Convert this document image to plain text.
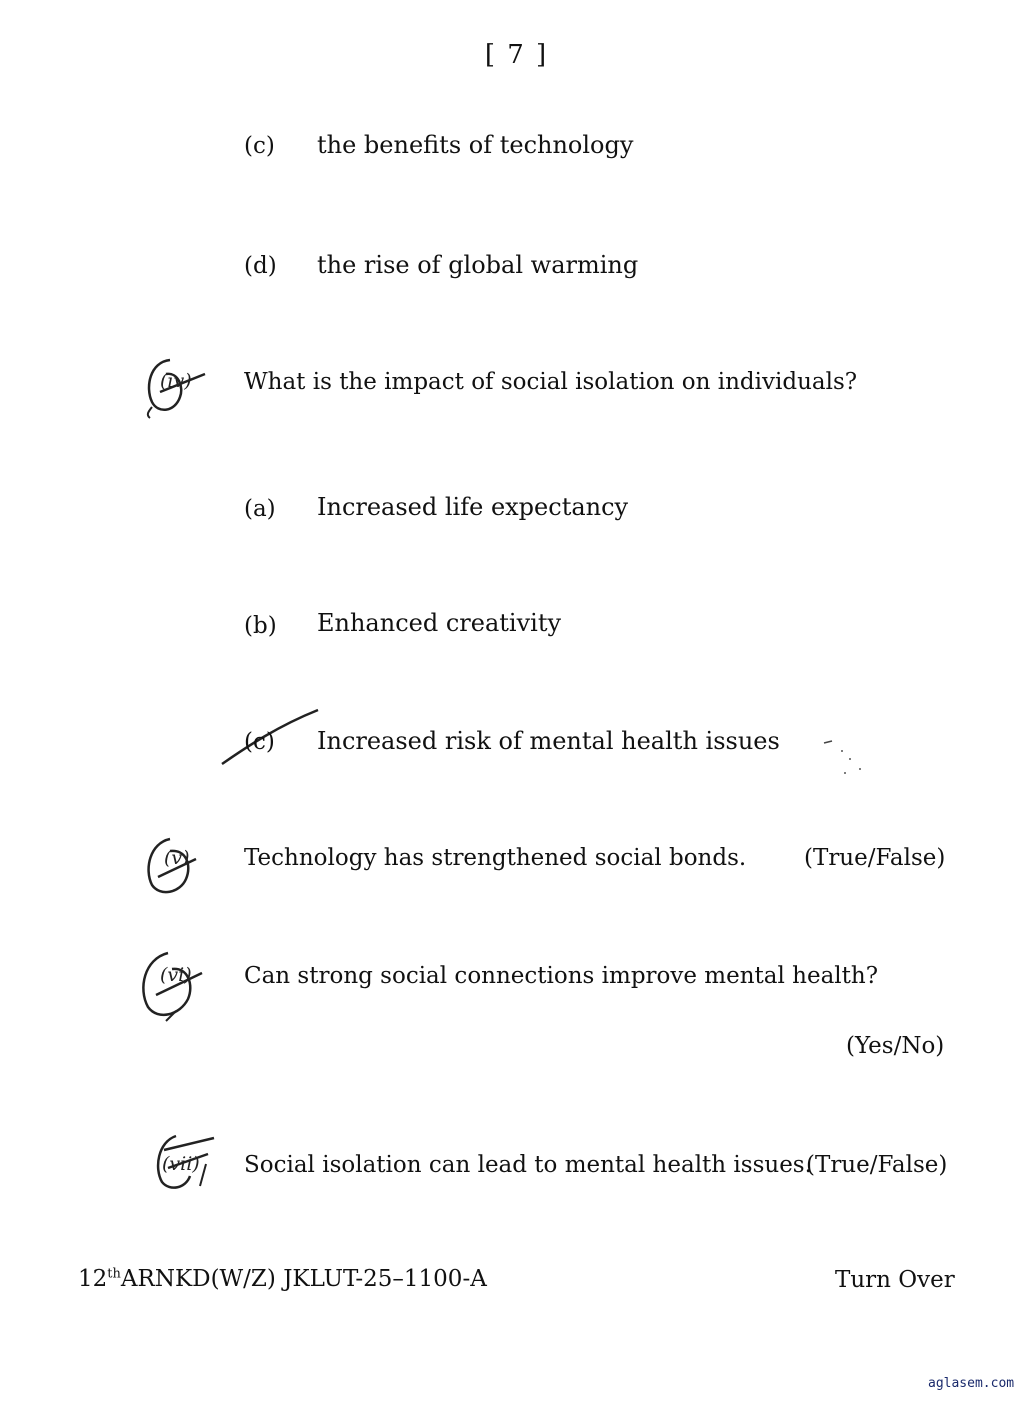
[ 7 ]
(c) the benefits of technology
(d) the rise of global warming
(iv) What is the impact of social isolation on individuals?
(a) Increased life expectancy
(b) Enhanced creativity
(c) Increased risk of mental health issues
(v) Technology has strengthened social bonds.	(True/False)
(vi) Can strong social connections improve mental health?
(Yes/No)
(vii) Social isolation can lead to mental health issues.
(True/False)
12thARNKD(W/Z) JKLUT-25–1100-A	Turn Over
aglasem.com
